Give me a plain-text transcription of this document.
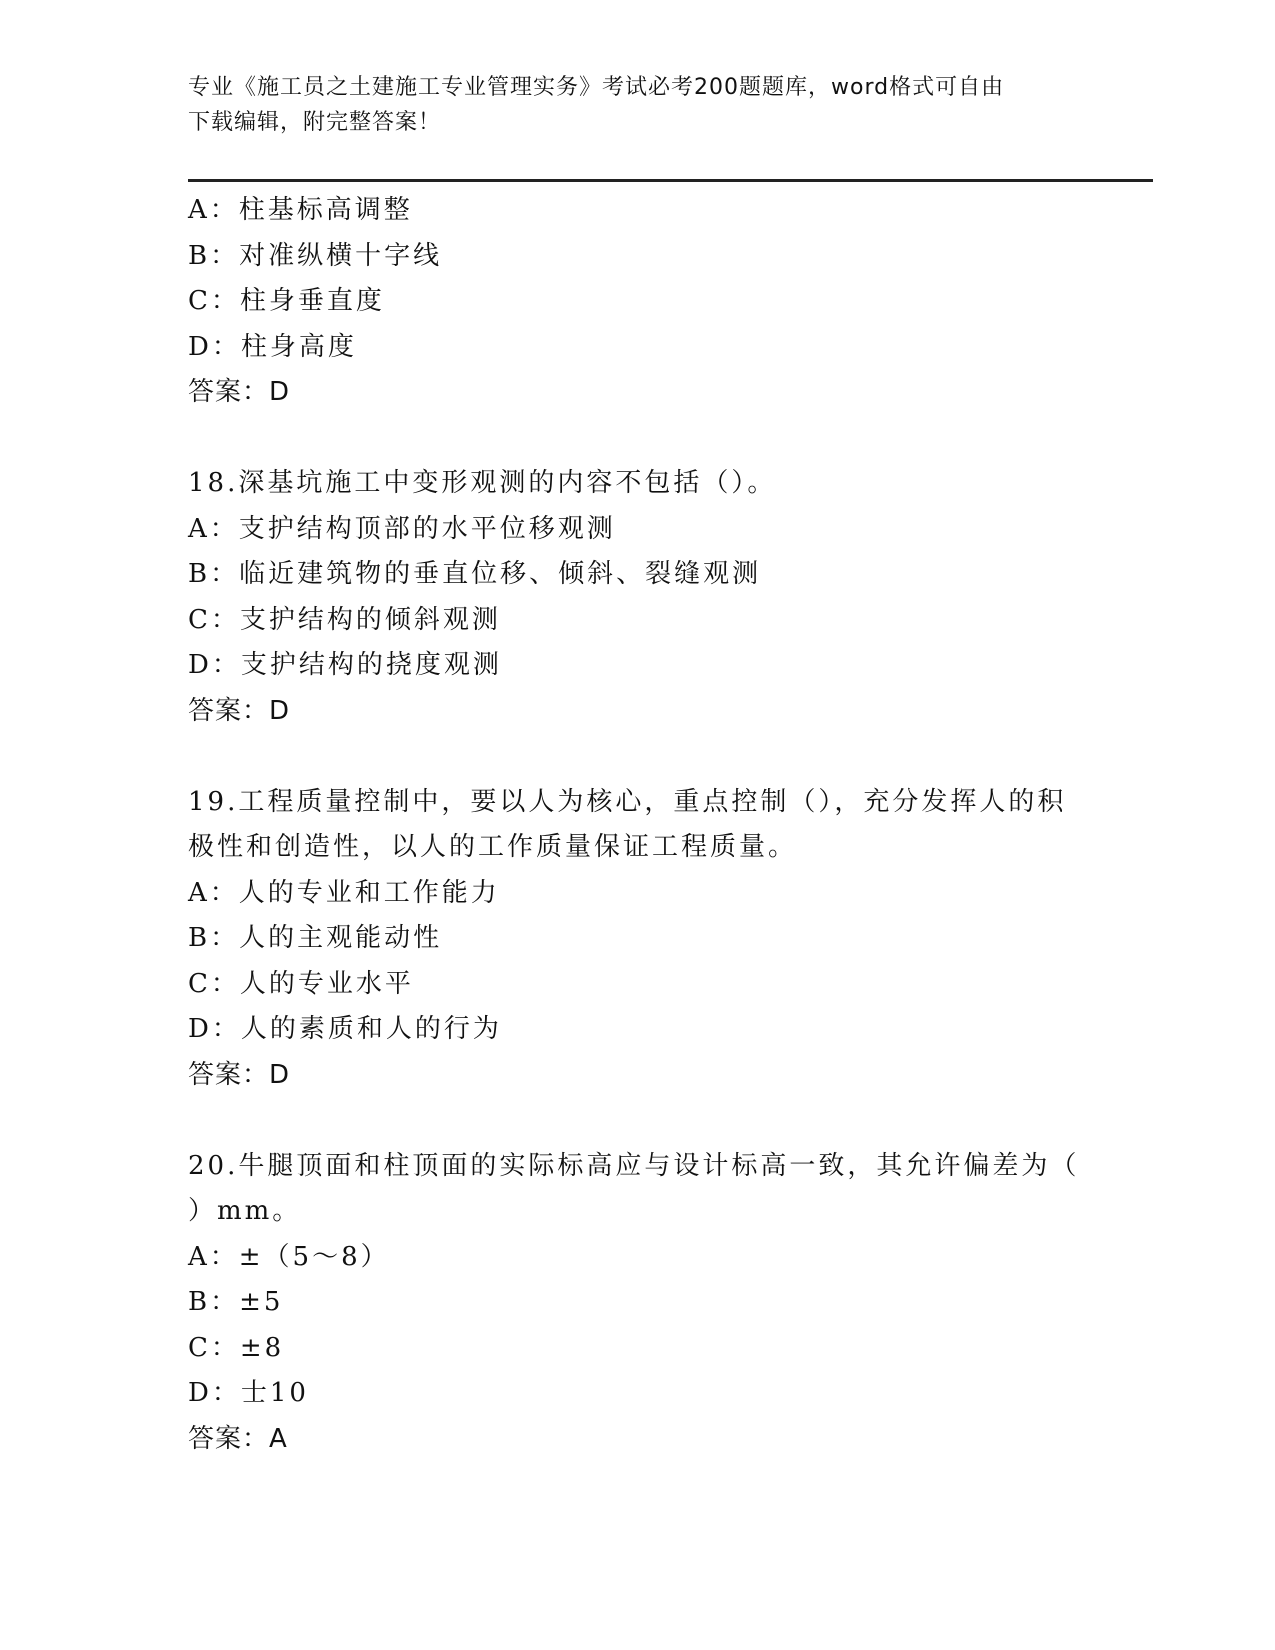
专业《施工员之土建施工专业管理实务》考试必考200题题库，word格式可自由
下载编辑，附完整答案！
A：柱基标高调整
B：对准纵横十字线
C：柱身垂直度
D：柱身高度
答案：D
18.深基坑施工中变形观测的内容不包括（）。
A：支护结构顶部的水平位移观测
B：临近建筑物的垂直位移、倾斜、裂缝观测
C：支护结构的倾斜观测
D：支护结构的挠度观测
答案：D
19.工程质量控制中，要以人为核心，重点控制（），充分发挥人的积
极性和创造性，以人的工作质量保证工程质量。
A：人的专业和工作能力
B：人的主观能动性
C：人的专业水平
D：人的素质和人的行为
答案：D
20.牛腿顶面和柱顶面的实际标高应与设计标高一致，其允许偏差为（
）mm。
A：±（5～8）
B：±5
C：±8
D：士10
答案：A
